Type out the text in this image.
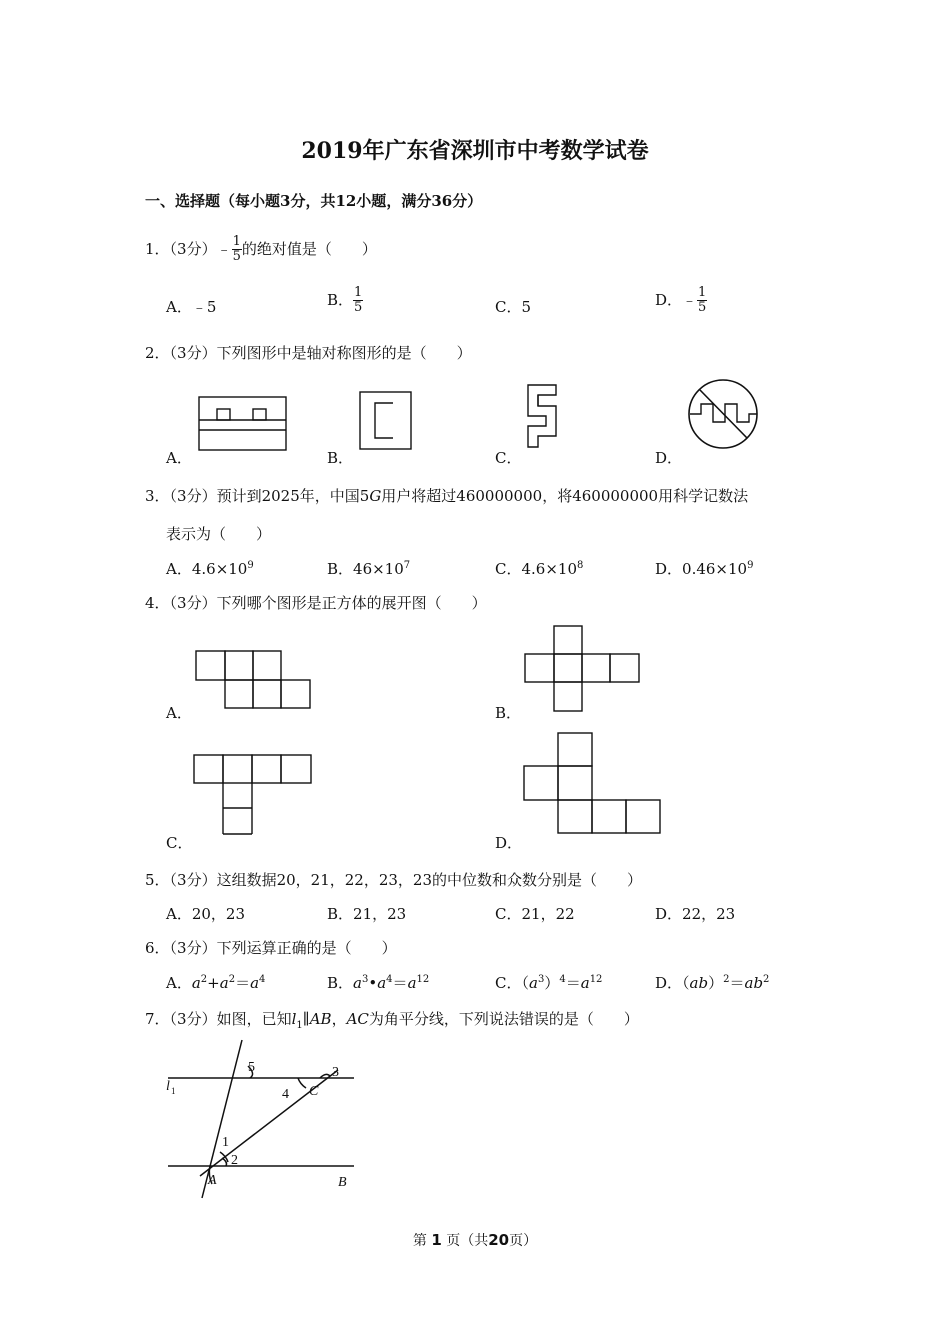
2019年广东省深圳市中考数学试卷
一、选择题（每小题3分，共12小题，满分36分）
1．（3分）﹣ $\frac{1}{5}$ 的绝对值是（　　）
A．﹣5	B． $\frac{1}{5}$	C．5	D．﹣ $\frac{1}{5}$
2．（3分）下列图形中是轴对称图形的是（　　）
A．	B．	C．	D．
3．（3分）预计到2025年，中国5G用户将超过460000000，将460000000用科学记数法
表示为（　　）
A．$4.6\times 10^9$	B．$46\times 10^7$	C．$4.6\times 10^8$	D．$0.46\times 10^9$
4．（3分）下列哪个图形是正方体的展开图（　　）
A．	B．
C．	D．
5．（3分）这组数据20，21，22，23，23的中位数和众数分别是（　　）
A．20，23	B．21，23	C．21，22	D．22，23
6．（3分）下列运算正确的是（　　）
A．$a^2+a^2=a^4$	B．$a^3•a^4=a^{12}$	C．$(a^3)^4=a^{12}$	D．$(ab)^2=ab^2$
7．（3分）如图，已知$l_1\parallel AB$，AC为角平分线，下列说法错误的是（　　）
l 1
5	3
4 C
1
2
A	B
第 1 页（共20页）
